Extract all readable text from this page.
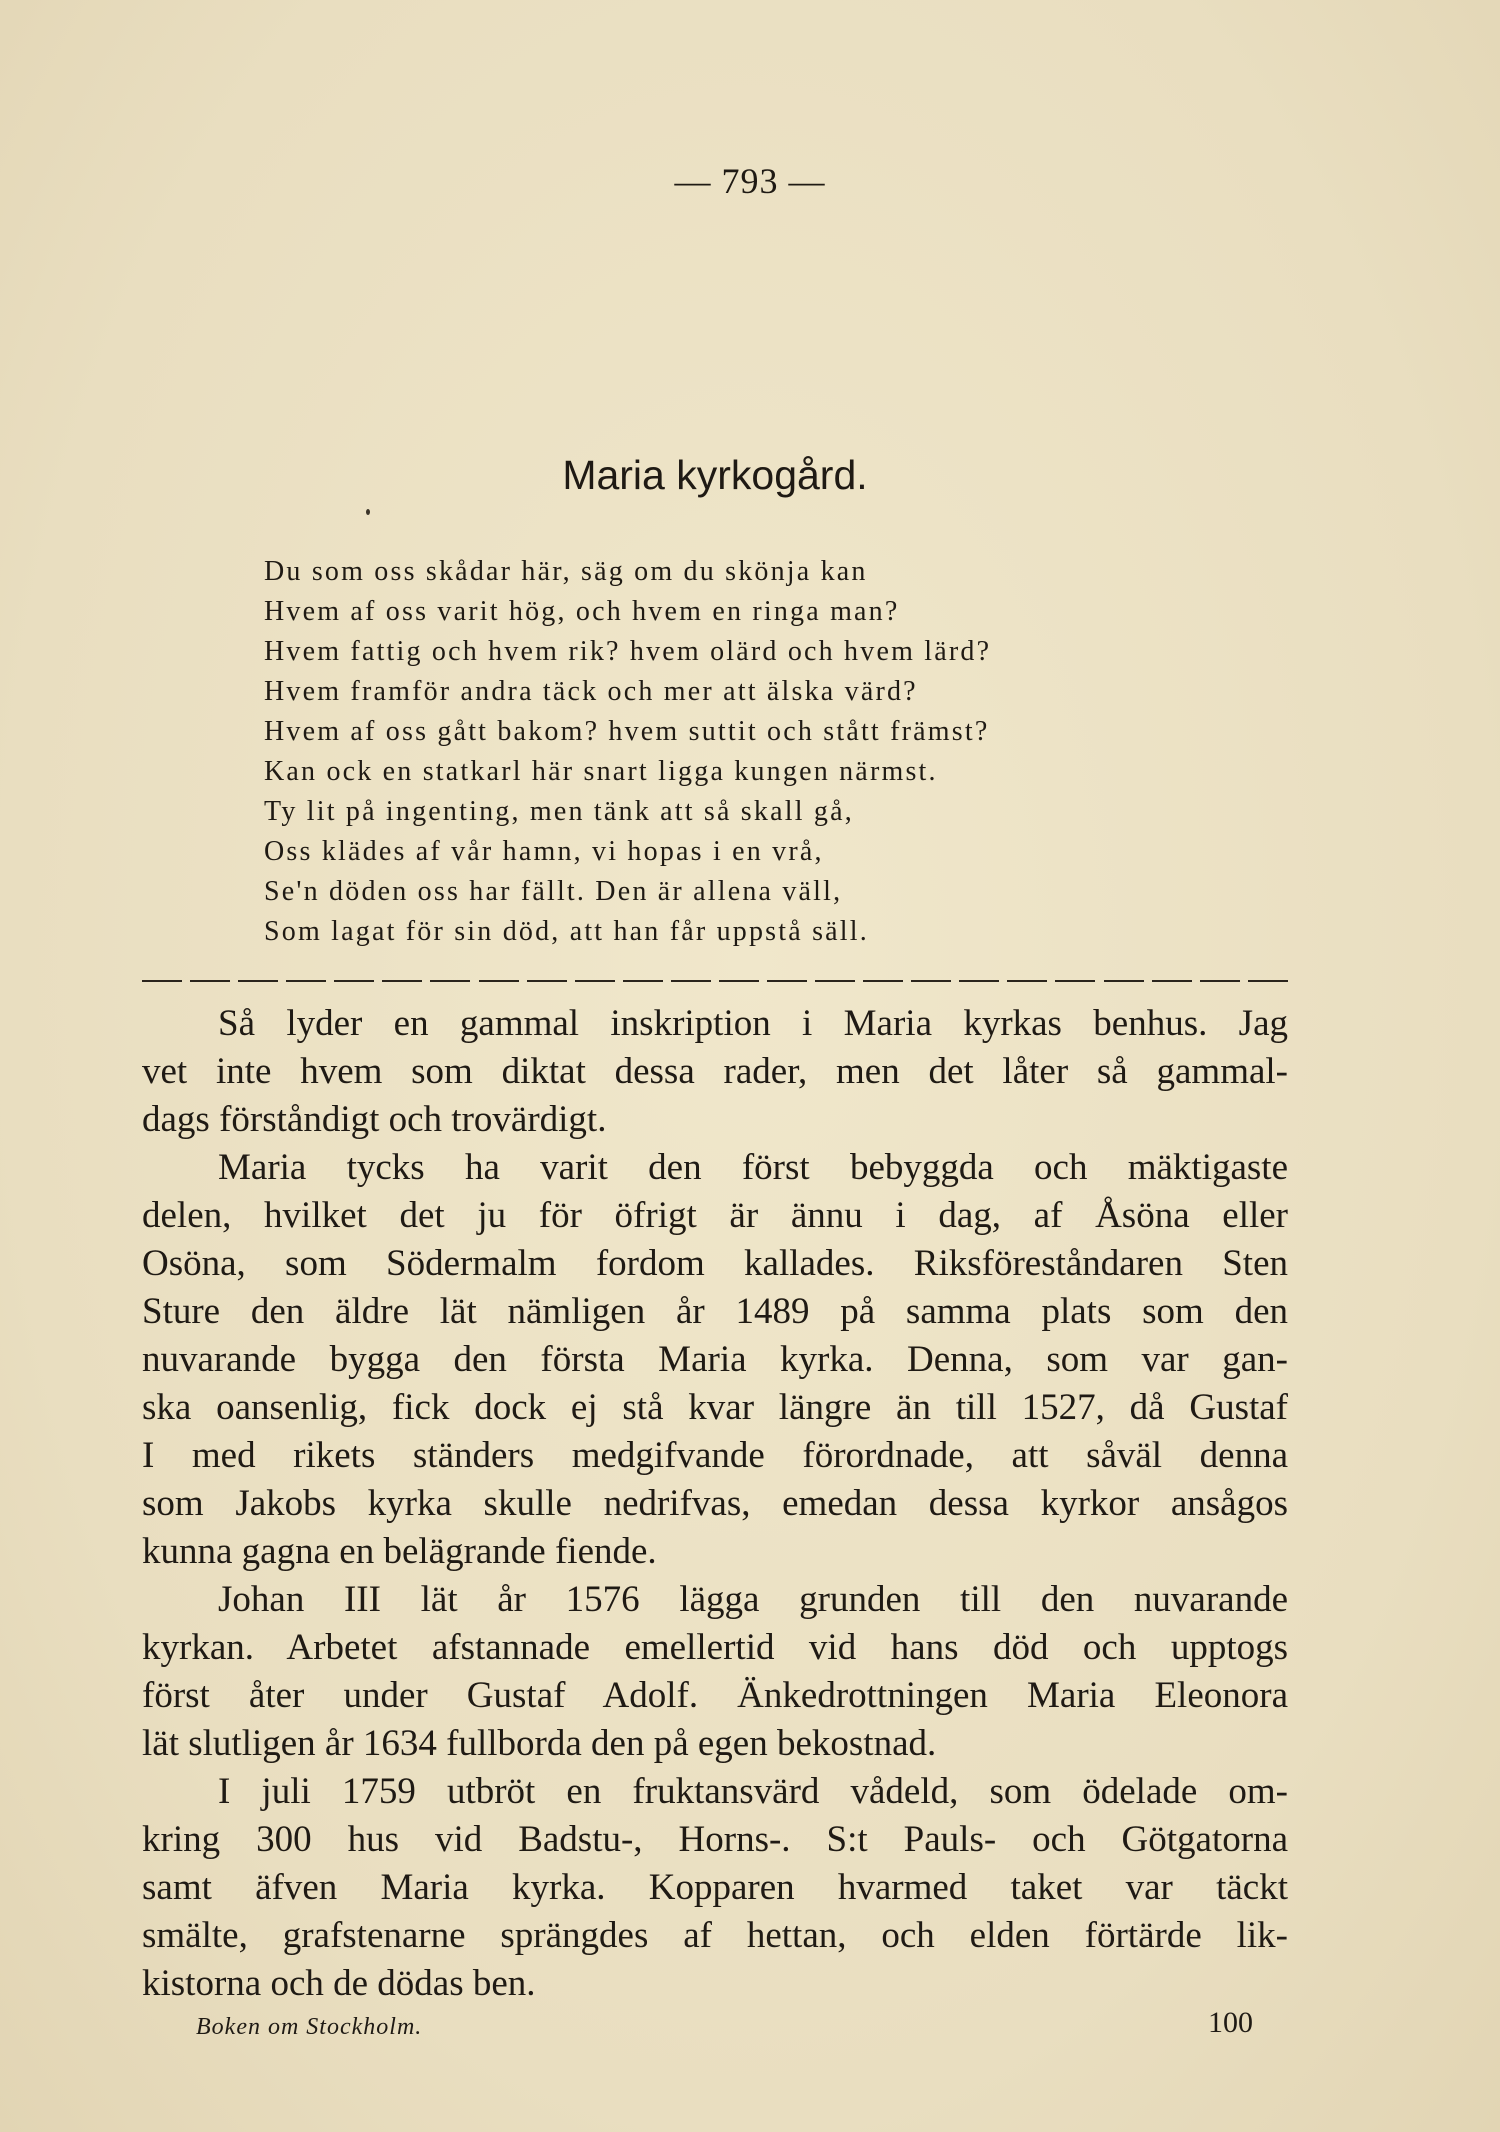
— 793 —
Maria kyrkogård.
Du som oss skådar här, säg om du skönja kan
Hvem af oss varit hög, och hvem en ringa man?
Hvem fattig och hvem rik? hvem olärd och hvem lärd?
Hvem framför andra täck och mer att älska värd?
Hvem af oss gått bakom? hvem suttit och stått främst?
Kan ock en statkarl här snart ligga kungen närmst.
Ty lit på ingenting, men tänk att så skall gå,
Oss klädes af vår hamn, vi hopas i en vrå,
Se'n döden oss har fällt. Den är allena väll,
Som lagat för sin död, att han får uppstå säll.
Så lyder en gammal inskription i Maria kyrkas benhus. Jag
vet inte hvem som diktat dessa rader, men det låter så gammal-
dags förståndigt och trovärdigt.
Maria tycks ha varit den först bebyggda och mäktigaste
delen, hvilket det ju för öfrigt är ännu i dag, af Åsöna eller
Osöna, som Södermalm fordom kallades. Riksföreståndaren Sten
Sture den äldre lät nämligen år 1489 på samma plats som den
nuvarande bygga den första Maria kyrka. Denna, som var gan-
ska oansenlig, fick dock ej stå kvar längre än till 1527, då Gustaf
I med rikets ständers medgifvande förordnade, att såväl denna
som Jakobs kyrka skulle nedrifvas, emedan dessa kyrkor ansågos
kunna gagna en belägrande fiende.
Johan III lät år 1576 lägga grunden till den nuvarande
kyrkan. Arbetet afstannade emellertid vid hans död och upptogs
först åter under Gustaf Adolf. Änkedrottningen Maria Eleonora
lät slutligen år 1634 fullborda den på egen bekostnad.
I juli 1759 utbröt en fruktansvärd vådeld, som ödelade om-
kring 300 hus vid Badstu-, Horns-. S:t Pauls- och Götgatorna
samt äfven Maria kyrka. Kopparen hvarmed taket var täckt
smälte, grafstenarne sprängdes af hettan, och elden förtärde lik-
kistorna och de dödas ben.
Boken om Stockholm.	100
